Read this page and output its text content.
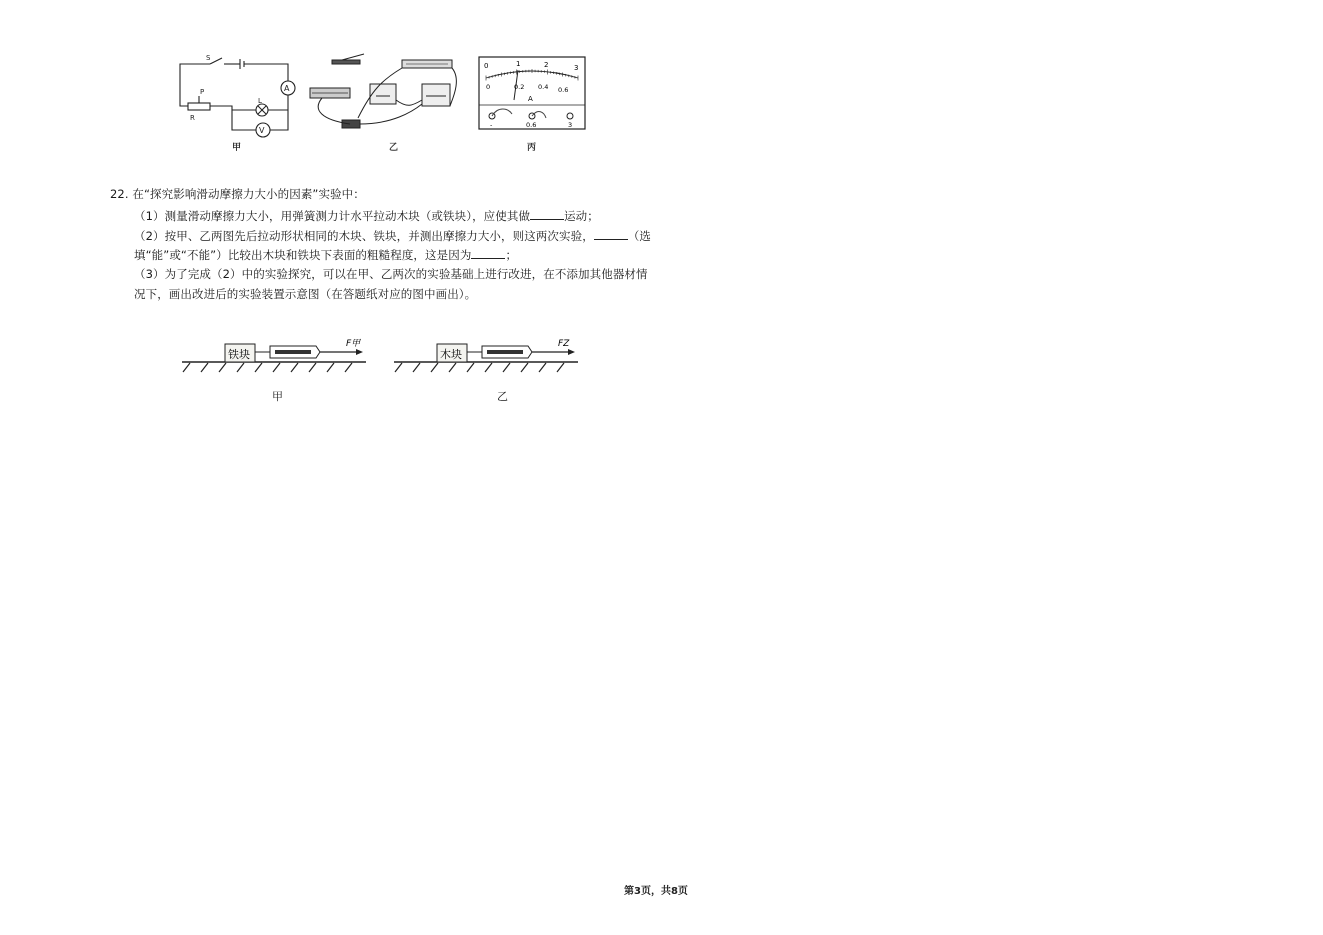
A
V
S
L
R
P
甲	乙
0	1	2	3
0	0.2 0.4 0.6
A
-	0.6	3
丙
22. 在“探究影响滑动摩擦力大小的因素”实验中：
（1）测量滑动摩擦力大小，用弹簧测力计水平拉动木块（或铁块），应使其做	运动；
（2）按甲、乙两图先后拉动形状相同的木块、铁块，并测出摩擦力大小，则这两次实验，	（选
填“能”或“不能”）比较出木块和铁块下表面的粗糙程度，这是因为	；
（3）为了完成（2）中的实验探究，可以在甲、乙两次的实验基础上进行改进，在不添加其他器材情
况下，画出改进后的实验装置示意图（在答题纸对应的图中画出）。
铁块
F甲
甲
木块
FZ
乙
第3页，共8页
